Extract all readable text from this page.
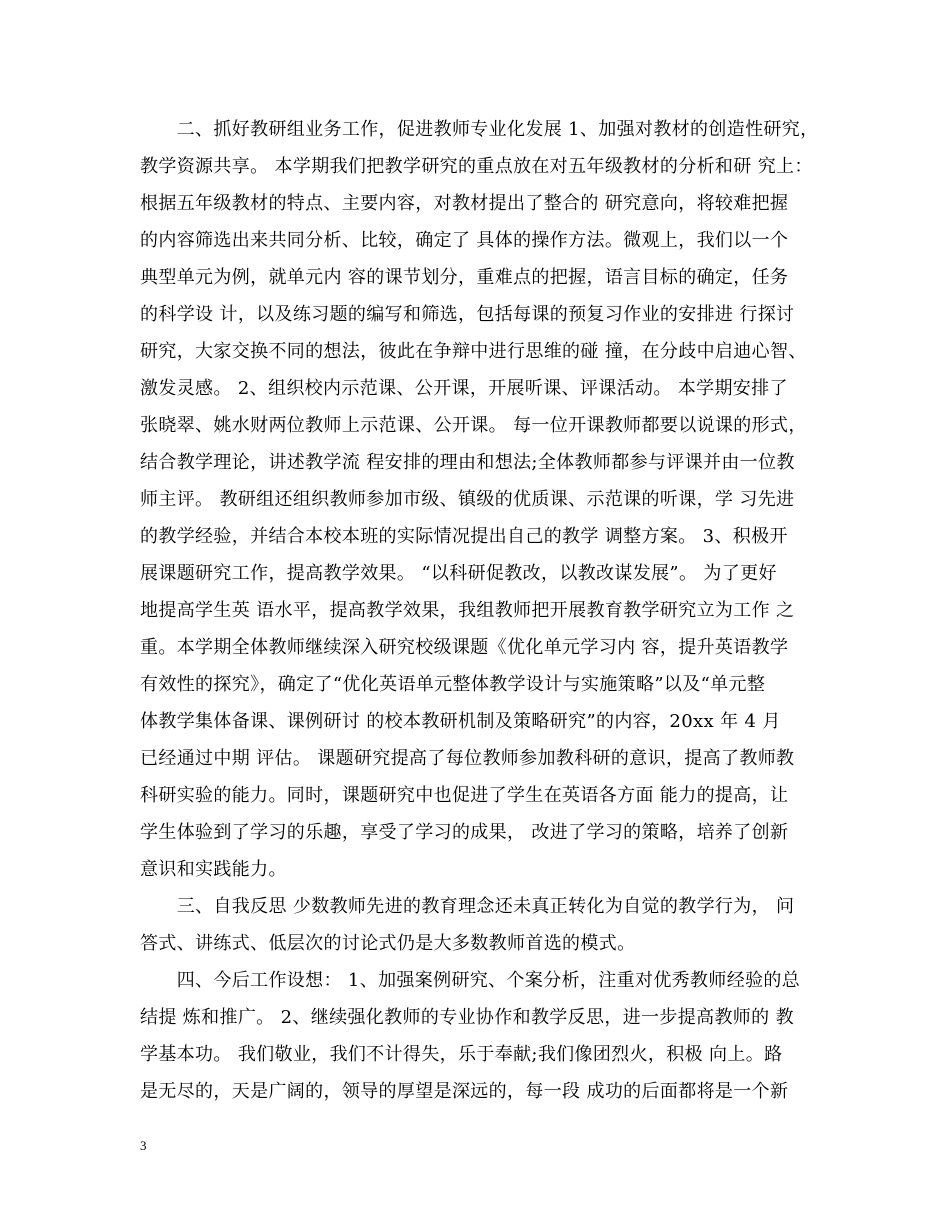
　　二、抓好教研组业务工作，促进教师专业化发展 1、加强对教材的创造性研究，
教学资源共享。 本学期我们把教学研究的重点放在对五年级教材的分析和研 究上：
根据五年级教材的特点、主要内容，对教材提出了整合的 研究意向，将较难把握
的内容筛选出来共同分析、比较，确定了 具体的操作方法。微观上，我们以一个
典型单元为例，就单元内 容的课节划分，重难点的把握，语言目标的确定，任务
的科学设 计，以及练习题的编写和筛选，包括每课的预复习作业的安排进 行探讨
研究，大家交换不同的想法，彼此在争辩中进行思维的碰 撞，在分歧中启迪心智、
激发灵感。 2、组织校内示范课、公开课，开展听课、评课活动。 本学期安排了
张晓翠、姚水财两位教师上示范课、公开课。 每一位开课教师都要以说课的形式，
结合教学理论，讲述教学流 程安排的理由和想法;全体教师都参与评课并由一位教
师主评。 教研组还组织教师参加市级、镇级的优质课、示范课的听课，学 习先进
的教学经验，并结合本校本班的实际情况提出自己的教学 调整方案。 3、积极开
展课题研究工作，提高教学效果。 “以科研促教改，以教改谋发展”。 为了更好
地提高学生英 语水平，提高教学效果，我组教师把开展教育教学研究立为工作 之
重。本学期全体教师继续深入研究校级课题《优化单元学习内 容，提升英语教学
有效性的探究》，确定了“优化英语单元整体教学设计与实施策略”以及“单元整
体教学集体备课、课例研讨 的校本教研机制及策略研究”的内容，20xx 年 4 月
已经通过中期 评估。 课题研究提高了每位教师参加教科研的意识，提高了教师教
科研实验的能力。同时，课题研究中也促进了学生在英语各方面 能力的提高，让
学生体验到了学习的乐趣，享受了学习的成果， 改进了学习的策略，培养了创新
意识和实践能力。
　　三、自我反思 少数教师先进的教育理念还未真正转化为自觉的教学行为， 问
答式、讲练式、低层次的讨论式仍是大多数教师首选的模式。
　　四、今后工作设想： 1、加强案例研究、个案分析，注重对优秀教师经验的总
结提 炼和推广。 2、继续强化教师的专业协作和教学反思，进一步提高教师的 教
学基本功。 我们敬业，我们不计得失，乐于奉献;我们像团烈火，积极 向上。路
是无尽的，天是广阔的，领导的厚望是深远的，每一段 成功的后面都将是一个新
3
